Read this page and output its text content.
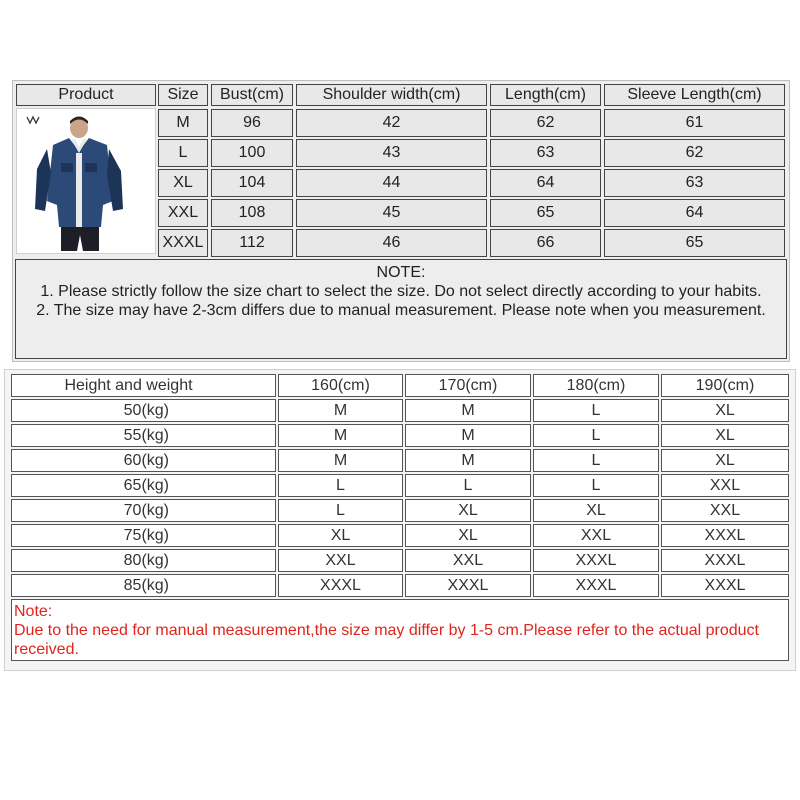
Product	Size	Bust(cm)	Shoulder width(cm)	Length(cm)	Sleeve Length(cm)
M	96	42	62	61
L	100	43	63	62
XL	104	44	64	63
XXL	108	45	65	64
XXXL	112	46	66	65
NOTE:
1. Please strictly follow the size chart to select the size. Do not select directly according to your habits.
2. The size may have 2-3cm differs due to manual measurement. Please note when you measurement.
Height and weight	160(cm)	170(cm)	180(cm)	190(cm)
50(kg)	M	M	L	XL
55(kg)	M	M	L	XL
60(kg)	M	M	L	XL
65(kg)	L	L	L	XXL
70(kg)	L	XL	XL	XXL
75(kg)	XL	XL	XXL	XXXL
80(kg)	XXL	XXL	XXXL	XXXL
85(kg)	XXXL	XXXL	XXXL	XXXL
Note:
Due to the need for manual measurement,the size may differ by 1-5 cm.Please refer to the actual product received.
